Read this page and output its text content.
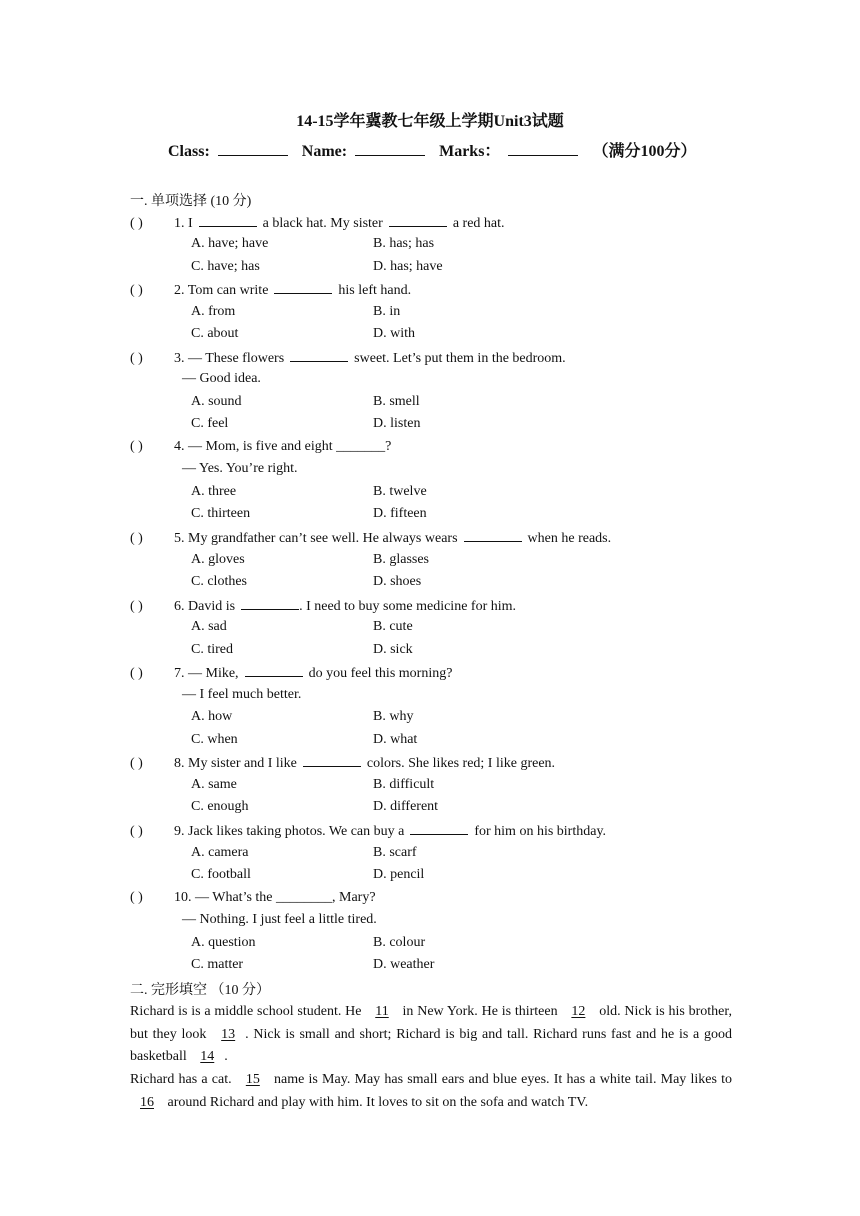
14-15学年冀教七年级上学期Unit3试题
Class:	Name:	Marks：	（满分100分）
一. 单项选择 (10 分)
( ) 1. I	a black hat. My sister	a red hat.
A. have; have	B. has; has
C. have; has	D. has; have
( ) 2. Tom can write	his left hand.
A. from	B. in
C. about	D. with
( ) 3. — These flowers	sweet. Let’s put them in the bedroom.
— Good idea.
A. sound	B. smell
C. feel	D. listen
( ) 4. — Mom, is five and eight _______?
— Yes. You’re right.
A. three	B. twelve
C. thirteen	D. fifteen
( ) 5. My grandfather can’t see well. He always wears	when he reads.
A. gloves	B. glasses
C. clothes	D. shoes
( ) 6. David is	. I need to buy some medicine for him.
A. sad	B. cute
C. tired	D. sick
( ) 7. — Mike,	do you feel this morning?
— I feel much better.
A. how	B. why
C. when	D. what
( ) 8. My sister and I like	colors. She likes red; I like green.
A. same	B. difficult
C. enough	D. different
( ) 9. Jack likes taking photos. We can buy a	for him on his birthday.
A. camera	B. scarf
C. football	D. pencil
( ) 10. — What’s the ________, Mary?
— Nothing. I just feel a little tired.
A. question	B. colour
C. matter	D. weather
二. 完形填空 （10 分）
Richard is is a middle school student. He 11 in New York. He is thirteen 12 old. Nick is his brother, but they look 13 . Nick is small and short; Richard is big and tall. Richard runs fast and he is a good basketball 14 .
Richard has a cat. 15 name is May. May has small ears and blue eyes. It has a white tail. May likes to 16 around Richard and play with him. It loves to sit on the sofa and watch TV.
